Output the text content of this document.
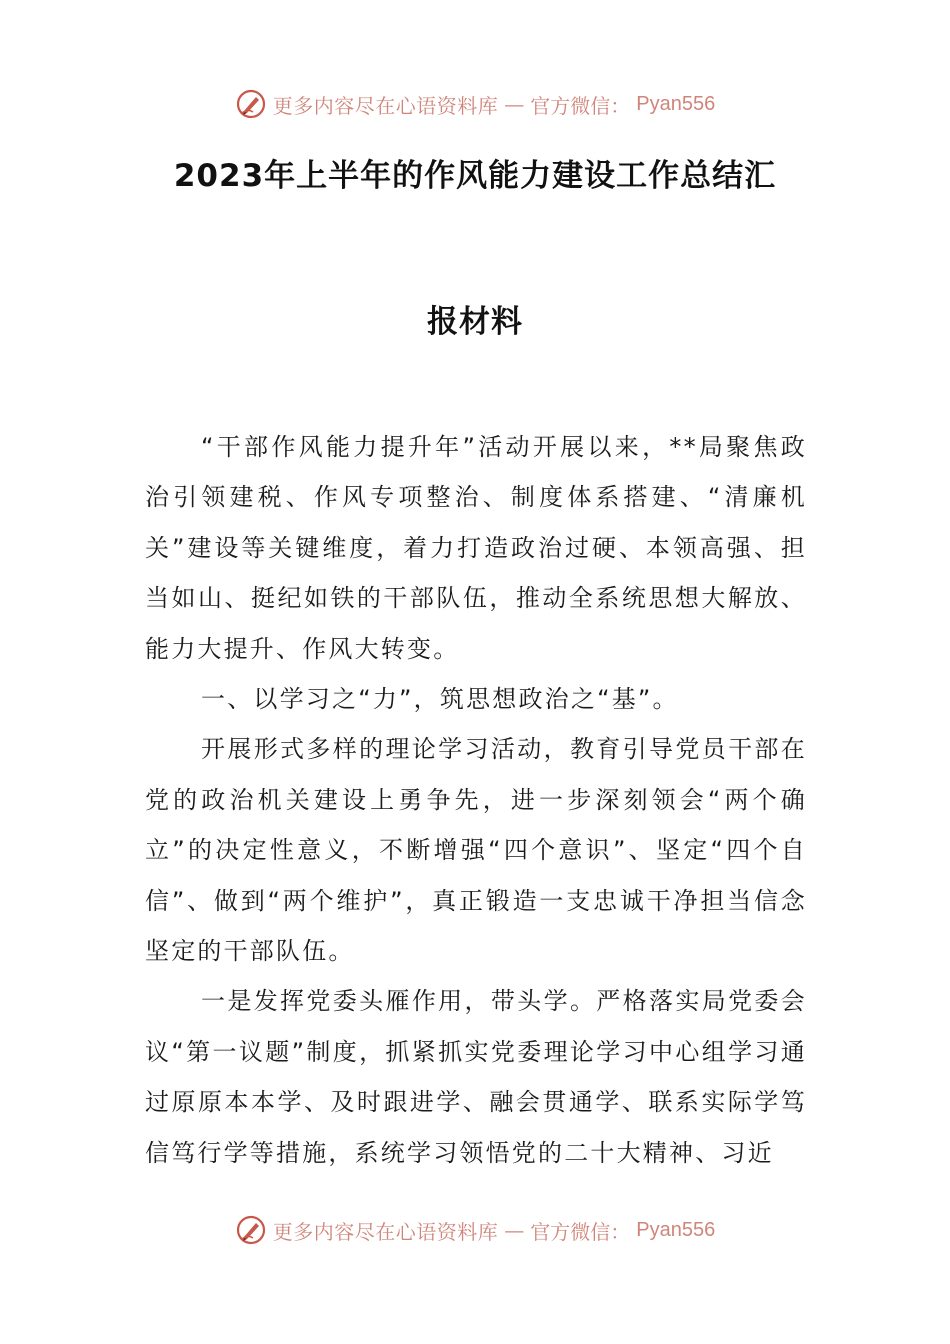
更多内容尽在心语资料库 — 官方微信： Pyan556
2023年上半年的作风能力建设工作总结汇
报材料

“干部作风能力提升年”活动开展以来，**局聚焦政治引领建税、作风专项整治、制度体系搭建、“清廉机关”建设等关键维度，着力打造政治过硬、本领高强、担当如山、挺纪如铁的干部队伍，推动全系统思想大解放、能力大提升、作风大转变。

一、以学习之“力”，筑思想政治之“基”。

开展形式多样的理论学习活动，教育引导党员干部在党的政治机关建设上勇争先，进一步深刻领会“两个确立”的决定性意义，不断增强“四个意识”、坚定“四个自信”、做到“两个维护”，真正锻造一支忠诚干净担当信念坚定的干部队伍。

一是发挥党委头雁作用，带头学。严格落实局党委会议“第一议题”制度，抓紧抓实党委理论学习中心组学习通过原原本本学、及时跟进学、融会贯通学、联系实际学笃信笃行学等措施，系统学习领悟党的二十大精神、习近

更多内容尽在心语资料库 — 官方微信： Pyan556
